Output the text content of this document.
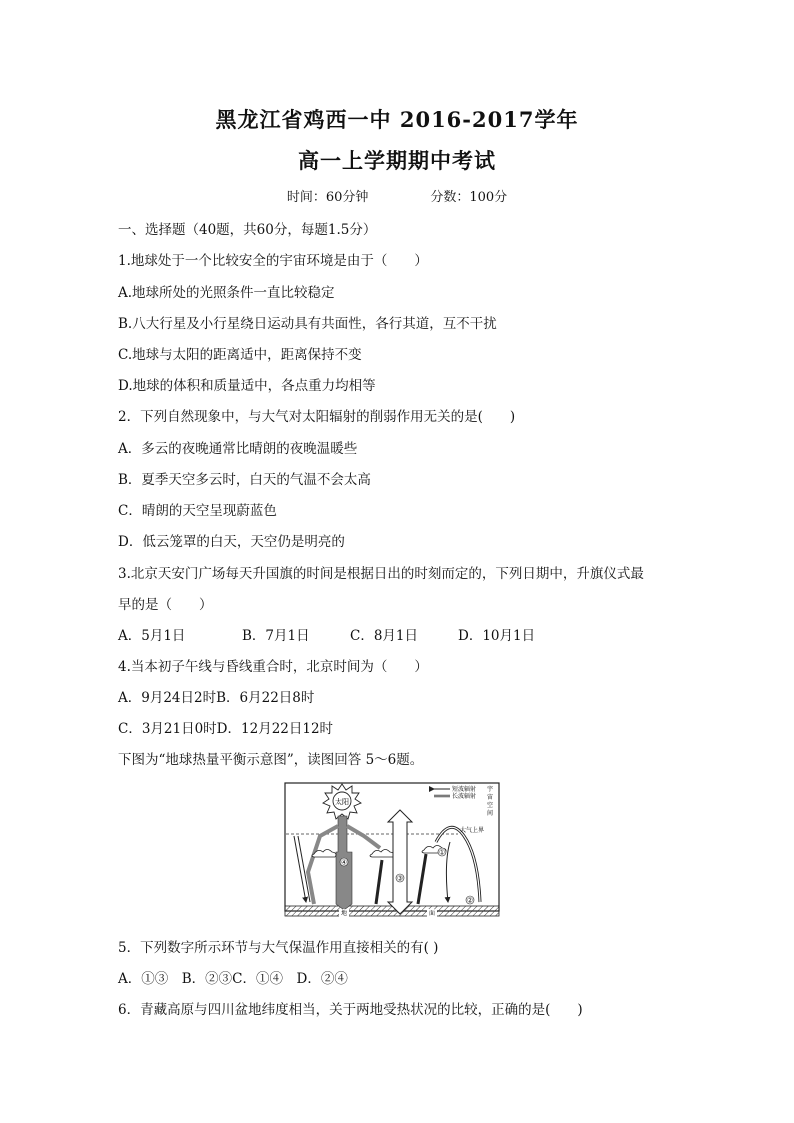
黑龙江省鸡西一中 2016-2017学年
高一上学期期中考试
时间：60分钟	分数：100分
一、选择题（40题，共60分，每题1.5分）
1.地球处于一个比较安全的宇宙环境是由于（　　）
A.地球所处的光照条件一直比较稳定
B.八大行星及小行星绕日运动具有共面性，各行其道，互不干扰
C.地球与太阳的距离适中，距离保持不变
D.地球的体积和质量适中，各点重力均相等
2．下列自然现象中，与大气对太阳辐射的削弱作用无关的是(　　)
A．多云的夜晚通常比晴朗的夜晚温暖些
B．夏季天空多云时，白天的气温不会太高
C．晴朗的天空呈现蔚蓝色
D．低云笼罩的白天，天空仍是明亮的
3.北京天安门广场每天升国旗的时间是根据日出的时刻而定的，下列日期中，升旗仪式最
早的是（　　）
A．5月1日	B．7月1日	C．8月1日	D．10月1日
4.当本初子午线与昏线重合时，北京时间为（　　）
A．9月24日2时B．6月22日8时
C．3月21日0时D．12月22日12时
下图为“地球热量平衡示意图”，读图回答 5～6题。
太阳
④
③
①
②
短波辐射
长波辐射
宇
宙
空
间
大气上界
地	面
5．下列数字所示环节与大气保温作用直接相关的有( )
A．①③　B．②③C．①④　D．②④
6．青藏高原与四川盆地纬度相当，关于两地受热状况的比较，正确的是(　　)
